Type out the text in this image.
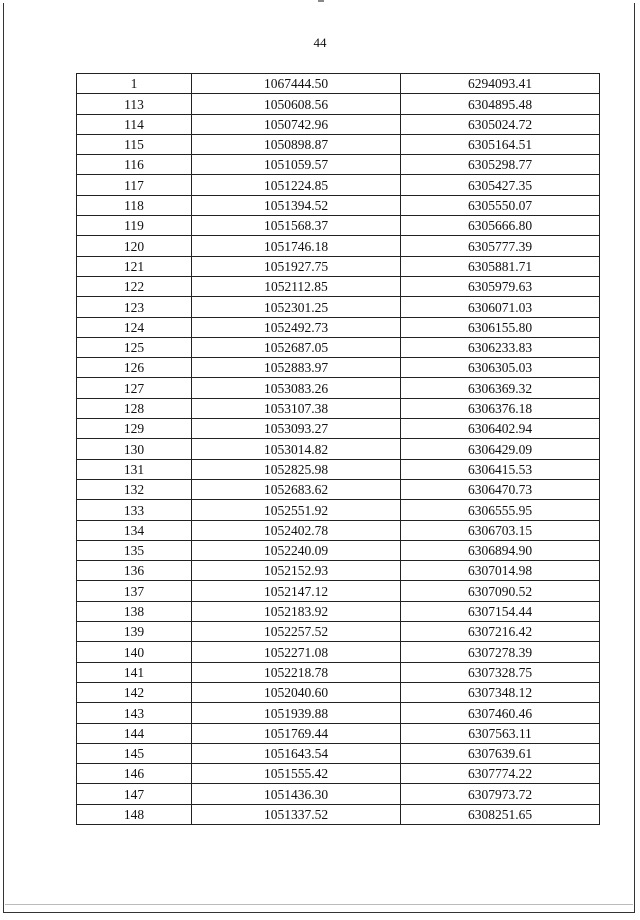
44
1	1067444.50	6294093.41
113	1050608.56	6304895.48
114	1050742.96	6305024.72
115	1050898.87	6305164.51
116	1051059.57	6305298.77
117	1051224.85	6305427.35
118	1051394.52	6305550.07
119	1051568.37	6305666.80
120	1051746.18	6305777.39
121	1051927.75	6305881.71
122	1052112.85	6305979.63
123	1052301.25	6306071.03
124	1052492.73	6306155.80
125	1052687.05	6306233.83
126	1052883.97	6306305.03
127	1053083.26	6306369.32
128	1053107.38	6306376.18
129	1053093.27	6306402.94
130	1053014.82	6306429.09
131	1052825.98	6306415.53
132	1052683.62	6306470.73
133	1052551.92	6306555.95
134	1052402.78	6306703.15
135	1052240.09	6306894.90
136	1052152.93	6307014.98
137	1052147.12	6307090.52
138	1052183.92	6307154.44
139	1052257.52	6307216.42
140	1052271.08	6307278.39
141	1052218.78	6307328.75
142	1052040.60	6307348.12
143	1051939.88	6307460.46
144	1051769.44	6307563.11
145	1051643.54	6307639.61
146	1051555.42	6307774.22
147	1051436.30	6307973.72
148	1051337.52	6308251.65
